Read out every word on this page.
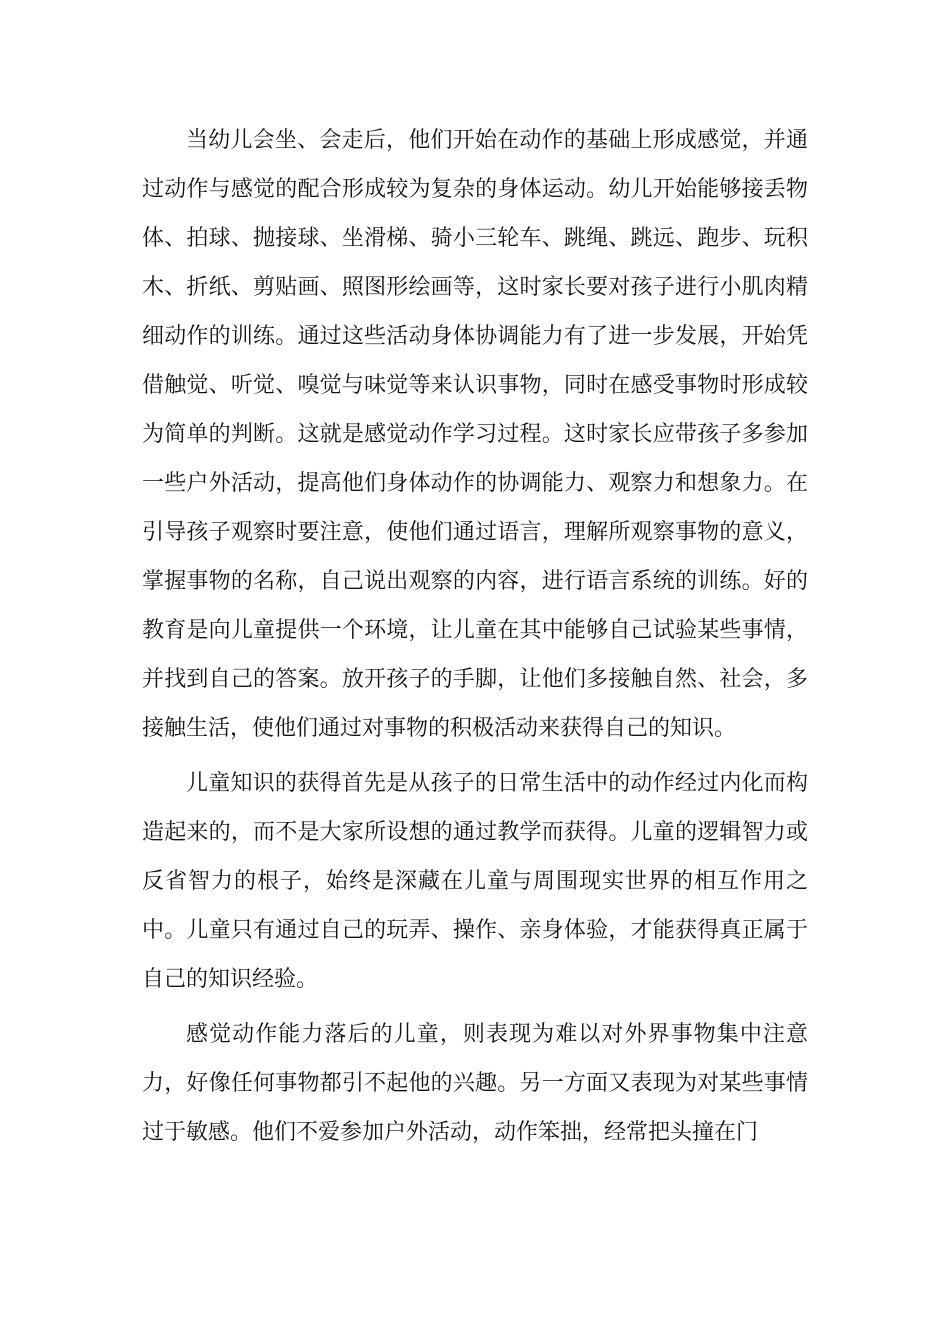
当幼儿会坐、会走后，他们开始在动作的基础上形成感觉，并通过动作与感觉的配合形成较为复杂的身体运动。幼儿开始能够接丢物体、拍球、抛接球、坐滑梯、骑小三轮车、跳绳、跳远、跑步、玩积木、折纸、剪贴画、照图形绘画等，这时家长要对孩子进行小肌肉精细动作的训练。通过这些活动身体协调能力有了进一步发展，开始凭借触觉、听觉、嗅觉与味觉等来认识事物，同时在感受事物时形成较为简单的判断。这就是感觉动作学习过程。这时家长应带孩子多参加一些户外活动，提高他们身体动作的协调能力、观察力和想象力。在引导孩子观察时要注意，使他们通过语言，理解所观察事物的意义，掌握事物的名称，自己说出观察的内容，进行语言系统的训练。好的教育是向儿童提供一个环境，让儿童在其中能够自己试验某些事情，并找到自己的答案。放开孩子的手脚，让他们多接触自然、社会，多接触生活，使他们通过对事物的积极活动来获得自己的知识。

儿童知识的获得首先是从孩子的日常生活中的动作经过内化而构造起来的，而不是大家所设想的通过教学而获得。儿童的逻辑智力或反省智力的根子，始终是深藏在儿童与周围现实世界的相互作用之中。儿童只有通过自己的玩弄、操作、亲身体验，才能获得真正属于自己的知识经验。

感觉动作能力落后的儿童，则表现为难以对外界事物集中注意力，好像任何事物都引不起他的兴趣。另一方面又表现为对某些事情过于敏感。他们不爱参加户外活动，动作笨拙，经常把头撞在门
